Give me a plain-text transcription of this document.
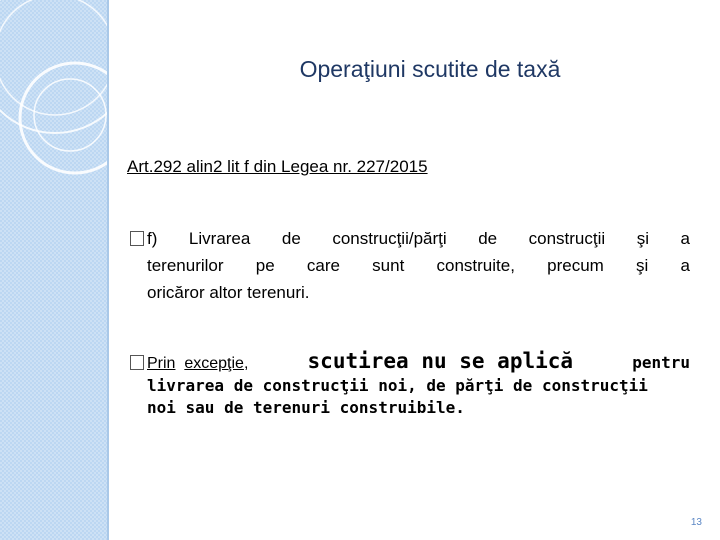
Operaţiuni scutite de taxă
Art.292 alin2 lit f din Legea nr. 227/2015
f) Livrarea de construcţii/părţi de construcţii şi a
terenurilor pe care sunt construite, precum şi a
oricăror altor terenuri.
Prin excepţie,	scutirea nu se aplică	pentru
livrarea de construcţii noi, de părţi de construcţii
noi sau de terenuri construibile.
13
